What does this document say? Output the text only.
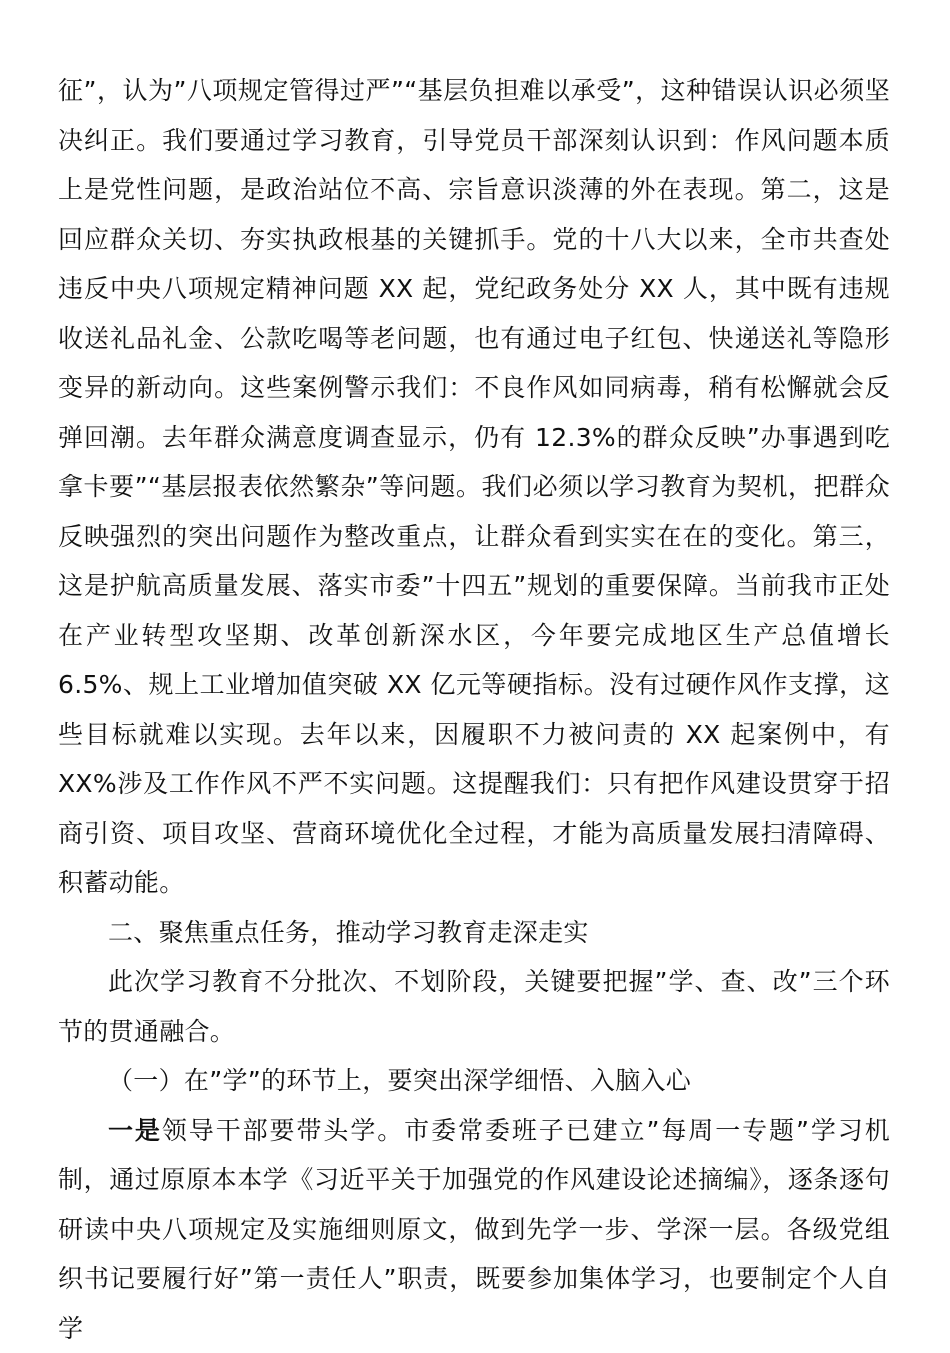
征”，认为”八项规定管得过严”“基层负担难以承受”，这种错误认识必须坚决纠正。我们要通过学习教育，引导党员干部深刻认识到：作风问题本质上是党性问题，是政治站位不高、宗旨意识淡薄的外在表现。第二，这是回应群众关切、夯实执政根基的关键抓手。党的十八大以来，全市共查处违反中央八项规定精神问题 XX 起，党纪政务处分 XX 人，其中既有违规收送礼品礼金、公款吃喝等老问题，也有通过电子红包、快递送礼等隐形变异的新动向。这些案例警示我们：不良作风如同病毒，稍有松懈就会反弹回潮。去年群众满意度调查显示，仍有 12.3%的群众反映”办事遇到吃拿卡要”“基层报表依然繁杂”等问题。我们必须以学习教育为契机，把群众反映强烈的突出问题作为整改重点，让群众看到实实在在的变化。第三，这是护航高质量发展、落实市委”十四五”规划的重要保障。当前我市正处在产业转型攻坚期、改革创新深水区，今年要完成地区生产总值增长 6.5%、规上工业增加值突破 XX 亿元等硬指标。没有过硬作风作支撑，这些目标就难以实现。去年以来，因履职不力被问责的 XX 起案例中，有 XX%涉及工作作风不严不实问题。这提醒我们：只有把作风建设贯穿于招商引资、项目攻坚、营商环境优化全过程，才能为高质量发展扫清障碍、积蓄动能。

二、聚焦重点任务，推动学习教育走深走实

此次学习教育不分批次、不划阶段，关键要把握”学、查、改”三个环节的贯通融合。

（一）在”学”的环节上，要突出深学细悟、入脑入心

一是领导干部要带头学。市委常委班子已建立”每周一专题”学习机制，通过原原本本学《习近平关于加强党的作风建设论述摘编》，逐条逐句研读中央八项规定及实施细则原文，做到先学一步、学深一层。各级党组织书记要履行好”第一责任人”职责，既要参加集体学习，也要制定个人自学
